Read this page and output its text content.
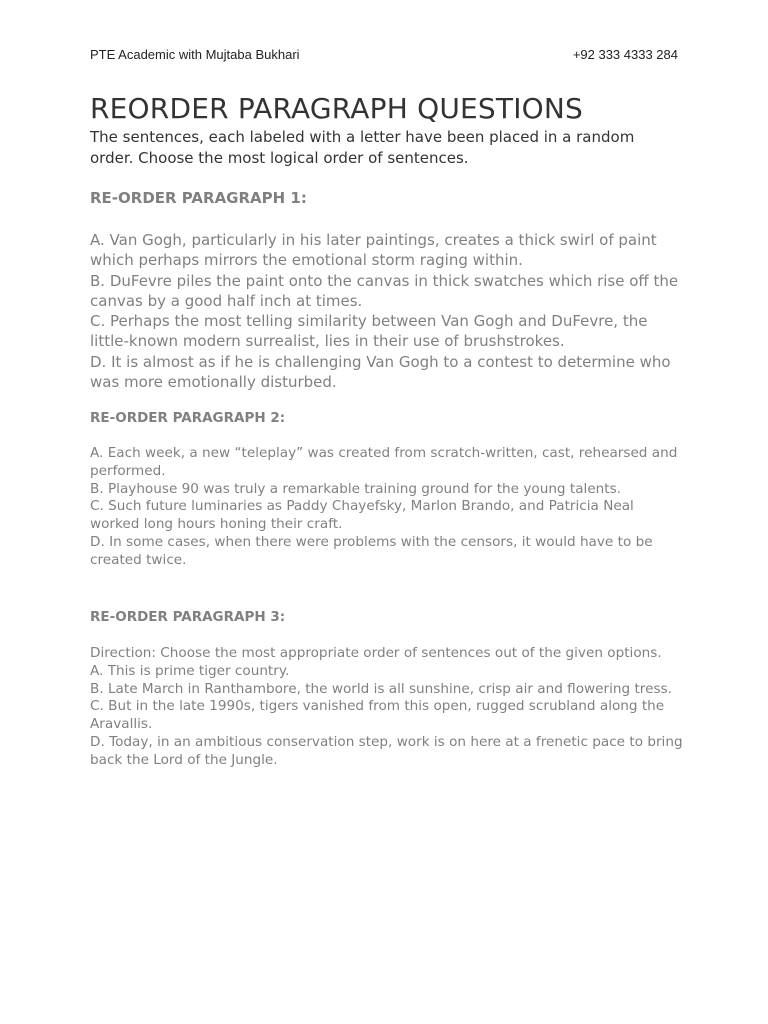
PTE Academic with Mujtaba Bukhari	+92 333 4333 284
REORDER PARAGRAPH QUESTIONS

The sentences, each labeled with a letter have been placed in a random order. Choose the most logical order of sentences.

RE-ORDER PARAGRAPH 1:

A. Van Gogh, particularly in his later paintings, creates a thick swirl of paint which perhaps mirrors the emotional storm raging within.

B. DuFevre piles the paint onto the canvas in thick swatches which rise off the canvas by a good half inch at times.

C. Perhaps the most telling similarity between Van Gogh and DuFevre, the little-known modern surrealist, lies in their use of brushstrokes.

D. It is almost as if he is challenging Van Gogh to a contest to determine who was more emotionally disturbed.

RE-ORDER PARAGRAPH 2:

A. Each week, a new “teleplay” was created from scratch-written, cast, rehearsed and performed.

B. Playhouse 90 was truly a remarkable training ground for the young talents.

C. Such future luminaries as Paddy Chayefsky, Marlon Brando, and Patricia Neal worked long hours honing their craft.

D. In some cases, when there were problems with the censors, it would have to be created twice.

RE-ORDER PARAGRAPH 3:

Direction: Choose the most appropriate order of sentences out of the given options.

A. This is prime tiger country.

B. Late March in Ranthambore, the world is all sunshine, crisp air and flowering tress.

C. But in the late 1990s, tigers vanished from this open, rugged scrubland along the Aravallis.

D. Today, in an ambitious conservation step, work is on here at a frenetic pace to bring back the Lord of the Jungle.
